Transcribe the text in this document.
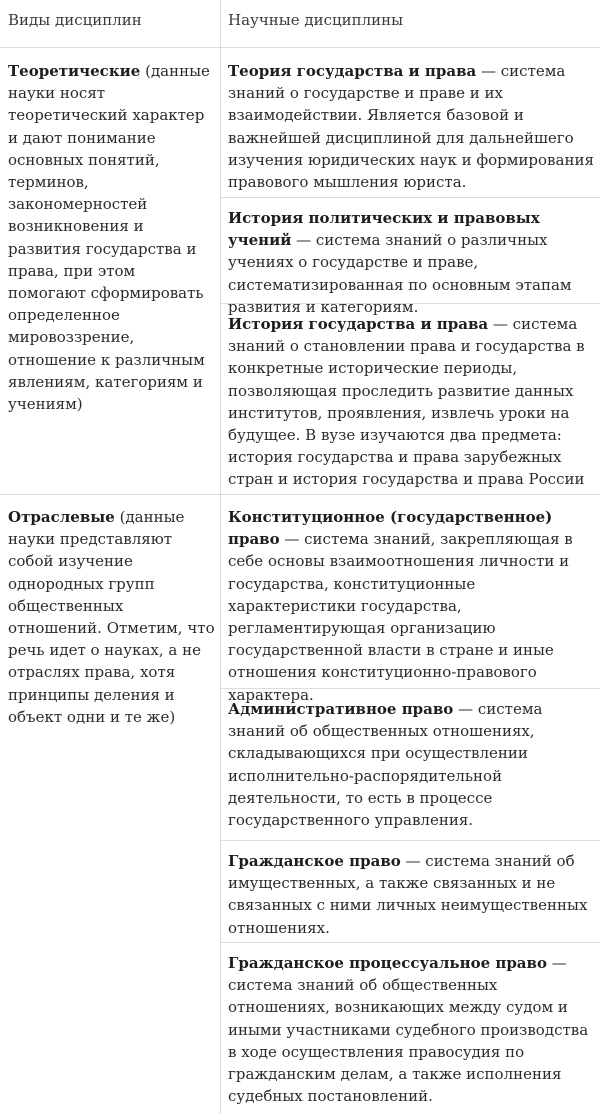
Виды дисциплин	Научные дисциплины
Теоретические (данные науки носят теоретический характер и дают понимание основных понятий, терминов, закономерностей возникновения и развития государства и права, при этом помогают сформировать определенное мировоззрение, отношение к различным явлениям, категориям и учениям)
Теория государства и права — система знаний о государстве и праве и их взаимодействии. Является базовой и важнейшей дисциплиной для дальнейшего изучения юридических наук и формирования правового мышления юриста.
История политических и правовых учений — система знаний о различных учениях о государстве и праве, систематизированная по основным этапам развития и категориям.
История государства и права — система знаний о становлении права и государства в конкретные исторические периоды, позволяющая проследить развитие данных институтов, проявления, извлечь уроки на будущее. В вузе изучаются два предмета: история государства и права зарубежных стран и история государства и права России
Отраслевые (данные науки представляют собой изучение однородных групп общественных отношений. Отметим, что речь идет о науках, а не отраслях права, хотя принципы деления и объект одни и те же)
Конституционное (государственное) право — система знаний, закрепляющая в себе основы взаимоотношения личности и государства, конституционные характеристики государства, регламентирующая организацию государственной власти в стране и иные отношения конституционно-правового характера.
Административное право — система знаний об общественных отношениях, складывающихся при осуществлении исполнительно-распорядительной деятельности, то есть в процессе государственного управления.
Гражданское право — система знаний об имущественных, а также связанных и не связанных с ними личных неимущественных отношениях.
Гражданское процессуальное право — система знаний об общественных отношениях, возникающих между судом и иными участниками судебного производства в ходе осуществления правосудия по гражданским делам, а также исполнения судебных постановлений.
